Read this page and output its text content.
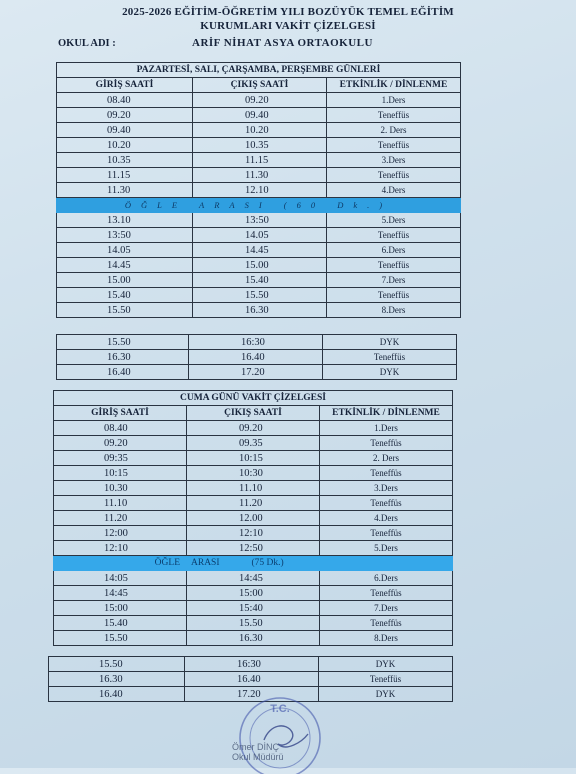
2025-2026 EĞİTİM-ÖĞRETİM YILI BOZÜYÜK TEMEL EĞİTİM
KURUMLARI VAKİT ÇİZELGESİ
OKUL ADI :	ARİF NİHAT ASYA ORTAOKULU
PAZARTESİ, SALI, ÇARŞAMBA, PERŞEMBE GÜNLERİ		
GİRİŞ SAATİ	ÇIKIŞ SAATİ	ETKİNLİK / DİNLENME
08.40	09.20	1.Ders
09.20	09.40	Teneffüs
09.40	10.20	2. Ders
10.20	10.35	Teneffüs
10.35	11.15	3.Ders
11.15	11.30	Teneffüs
11.30	12.10	4.Ders
ÖĞLE ARASI (60 Dk.)		
13.10	13:50	5.Ders
13:50	14.05	Teneffüs
14.05	14.45	6.Ders
14.45	15.00	Teneffüs
15.00	15.40	7.Ders
15.40	15.50	Teneffüs
15.50	16.30	8.Ders
15.50	16:30	DYK
16.30	16.40	Teneffüs
16.40	17.20	DYK
CUMA GÜNÜ VAKİT ÇİZELGESİ		
GİRİŞ SAATİ	ÇIKIŞ SAATİ	ETKİNLİK / DİNLENME
08.40	09.20	1.Ders
09.20	09.35	Teneffüs
09:35	10:15	2. Ders
10:15	10:30	Teneffüs
10.30	11.10	3.Ders
11.10	11.20	Teneffüs
11.20	12.00	4.Ders
12:00	12:10	Teneffüs
12:10	12:50	5.Ders
ÖĞLE	ARASI (75 Dk.)	
14:05	14:45	6.Ders
14:45	15:00	Teneffüs
15:00	15:40	7.Ders
15.40	15.50	Teneffüs
15.50	16.30	8.Ders
15.50	16:30	DYK
16.30	16.40	Teneffüs
16.40	17.20	DYK
T.C.
Ömer DİNÇ
Okul Müdürü
